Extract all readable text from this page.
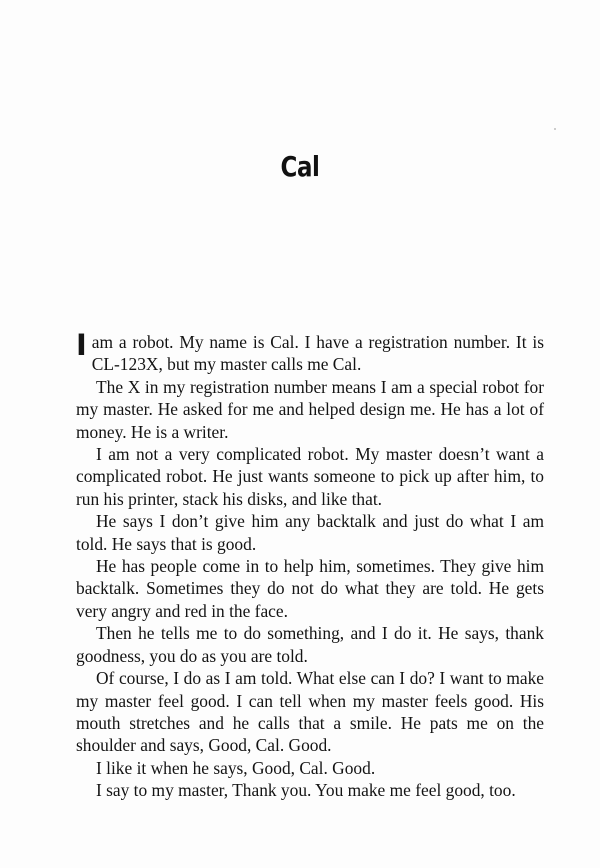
Cal

Iam a robot. My name is Cal. I have a registration number. It is CL-123X, but my master calls me Cal.

The X in my registration number means I am a special robot for my master. He asked for me and helped design me. He has a lot of money. He is a writer.

I am not a very complicated robot. My master doesn’t want a complicated robot. He just wants someone to pick up after him, to run his printer, stack his disks, and like that.

He says I don’t give him any backtalk and just do what I am told. He says that is good.

He has people come in to help him, sometimes. They give him backtalk. Sometimes they do not do what they are told. He gets very angry and red in the face.

Then he tells me to do something, and I do it. He says, thank goodness, you do as you are told.

Of course, I do as I am told. What else can I do? I want to make my master feel good. I can tell when my master feels good. His mouth stretches and he calls that a smile. He pats me on the shoulder and says, Good, Cal. Good.

I like it when he says, Good, Cal. Good.

I say to my master, Thank you. You make me feel good, too.
